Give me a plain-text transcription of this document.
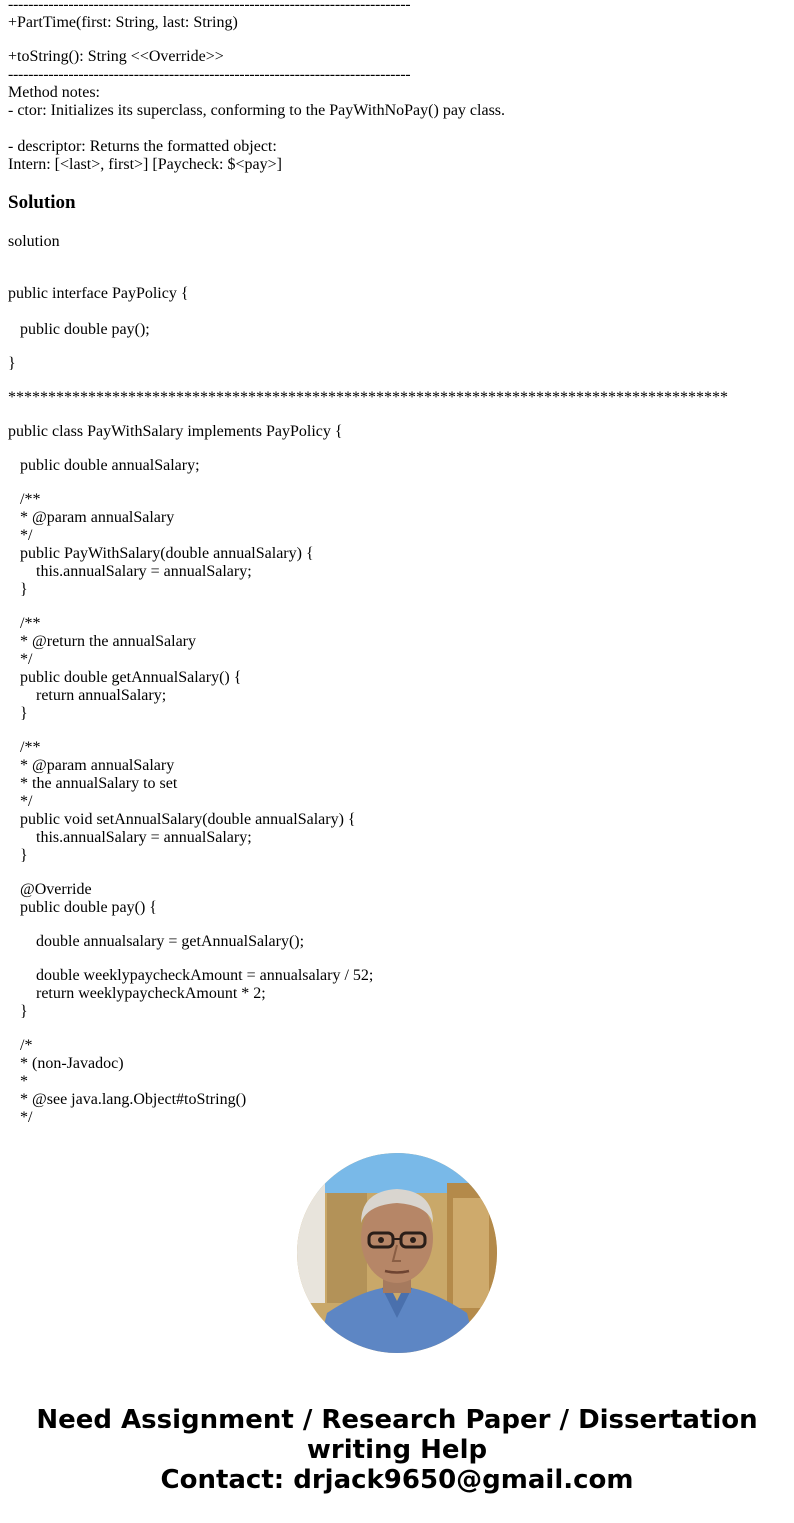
--------------------------------------------------------------------------------
+PartTime(first: String, last: String)
+toString(): String <<Override>>
--------------------------------------------------------------------------------
Method notes:
- ctor: Initializes its superclass, conforming to the PayWithNoPay() pay class.
- descriptor: Returns the formatted object:
Intern: [<last>, first>] [Paycheck: $<pay>]
Solution
solution
public interface PayPolicy {
public double pay();
}
******************************************************************************************
public class PayWithSalary implements PayPolicy {
public double annualSalary;
/**
* @param annualSalary
*/
public PayWithSalary(double annualSalary) {
this.annualSalary = annualSalary;
}
/**
* @return the annualSalary
*/
public double getAnnualSalary() {
return annualSalary;
}
/**
* @param annualSalary
* the annualSalary to set
*/
public void setAnnualSalary(double annualSalary) {
this.annualSalary = annualSalary;
}
@Override
public double pay() {
double annualsalary = getAnnualSalary();
double weeklypaycheckAmount = annualsalary / 52;
return weeklypaycheckAmount * 2;
}
/*
* (non-Javadoc)
*
* @see java.lang.Object#toString()
*/
Need Assignment / Research Paper / Dissertation
writing Help
Contact: drjack9650@gmail.com
